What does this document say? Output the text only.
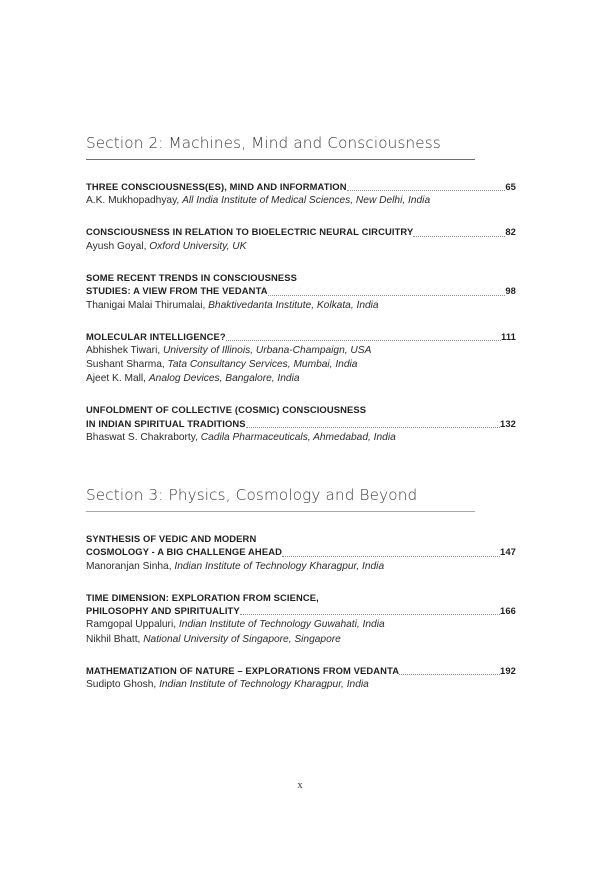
Section 2: Machines, Mind and Consciousness
THREE CONSCIOUSNESS(ES), MIND AND INFORMATION	65
A.K. Mukhopadhyay, All India Institute of Medical Sciences, New Delhi, India
CONSCIOUSNESS IN RELATION TO BIOELECTRIC NEURAL CIRCUITRY	82
Ayush Goyal, Oxford University, UK
SOME RECENT TRENDS IN CONSCIOUSNESS
STUDIES: A VIEW FROM THE VEDANTA	98
Thanigai Malai Thirumalai, Bhaktivedanta Institute, Kolkata, India
MOLECULAR INTELLIGENCE?	111
Abhishek Tiwari, University of Illinois, Urbana-Champaign, USA
Sushant Sharma, Tata Consultancy Services, Mumbai, India
Ajeet K. Mall, Analog Devices, Bangalore, India
UNFOLDMENT OF COLLECTIVE (COSMIC) CONSCIOUSNESS
IN INDIAN SPIRITUAL TRADITIONS	132
Bhaswat S. Chakraborty, Cadila Pharmaceuticals, Ahmedabad, India
Section 3: Physics, Cosmology and Beyond
SYNTHESIS OF VEDIC AND MODERN
COSMOLOGY - A BIG CHALLENGE AHEAD	147
Manoranjan Sinha, Indian Institute of Technology Kharagpur, India
TIME DIMENSION: EXPLORATION FROM SCIENCE,
PHILOSOPHY AND SPIRITUALITY	166
Ramgopal Uppaluri, Indian Institute of Technology Guwahati, India
Nikhil Bhatt, National University of Singapore, Singapore
MATHEMATIZATION OF NATURE – EXPLORATIONS FROM VEDANTA	192
Sudipto Ghosh, Indian Institute of Technology Kharagpur, India
x
